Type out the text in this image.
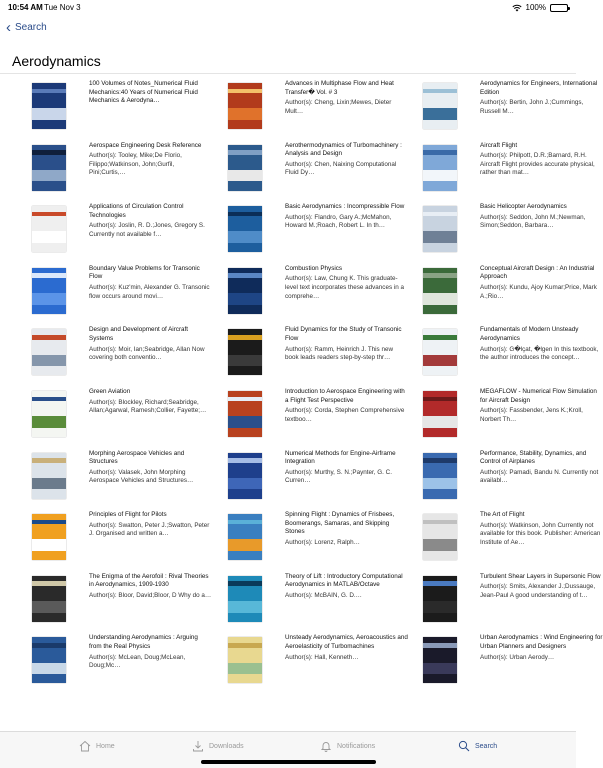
10:54 AM Tue Nov 3	100%
‹ Search
Aerodynamics
100 Volumes of Notes_Numerical Fluid Mechanics:40 Years of Numerical Fluid Mechanics & Aerodyna…
Advances in Multiphase Flow and Heat Transfer� Vol. # 3
Author(s): Cheng, Lixin;Mewes, Dieter Mult…
Aerodynamics for Engineers, International Edition
Author(s): Bertin, John J.;Cummings, Russell M…
Aerospace Engineering Desk Reference
Author(s): Tooley, Mike;De Florio, Filippo;Watkinson, John;Gurfil, Pini;Curtis,…
Aerothermodynamics of Turbomachinery : Analysis and Design
Author(s): Chen, Naixing Computational Fluid Dy…
Aircraft Flight
Author(s): Philpott, D.R.;Barnard, R.H. Aircraft Flight provides accurate physical, rather than mat…
Applications of Circulation Control Technologies
Author(s): Joslin, R. D.;Jones, Gregory S. Currently not available f…
Basic Aerodynamics : Incompressible Flow
Author(s): Flandro, Gary A.;McMahon, Howard M.;Roach, Robert L. In th…
Basic Helicopter Aerodynamics
Author(s): Seddon, John M.;Newman, Simon;Seddon, Barbara…
Boundary Value Problems for Transonic Flow
Author(s): Kuz'min, Alexander G. Transonic flow occurs around movi…
Combustion Physics
Author(s): Law, Chung K. This graduate-level text incorporates these advances in a comprehe…
Conceptual Aircraft Design : An Industrial Approach
Author(s): Kundu, Ajoy Kumar;Price, Mark A.;Rio…
Design and Development of Aircraft Systems
Author(s): Moir, Ian;Seabridge, Allan Now covering both conventio…
Fluid Dynamics for the Study of Transonic Flow
Author(s): Ramm, Heinrich J. This new book leads readers step-by-step thr…
Fundamentals of Modern Unsteady Aerodynamics
Author(s): G�lçat, �lgen In this textbook, the author introduces the concept…
Green Aviation
Author(s): Blockley, Richard;Seabridge, Allan;Agarwal, Ramesh;Collier, Fayette;…
Introduction to Aerospace Engineering with a Flight Test Perspective
Author(s): Corda, Stephen Comprehensive textboo…
MEGAFLOW - Numerical Flow Simulation for Aircraft Design
Author(s): Fassbender, Jens K.;Kroll, Norbert Th…
Morphing Aerospace Vehicles and Structures
Author(s): Valasek, John Morphing Aerospace Vehicles and Structures…
Numerical Methods for Engine-Airframe Integration
Author(s): Murthy, S. N.;Paynter, G. C. Curren…
Performance, Stability, Dynamics, and Control of Airplanes
Author(s): Pamadi, Bandu N. Currently not availabl…
Principles of Flight for Pilots
Author(s): Swatton, Peter J.;Swatton, Peter J. Organised and written a…
Spinning Flight : Dynamics of Frisbees, Boomerangs, Samaras, and Skipping Stones
Author(s): Lorenz, Ralph…
The Art of Flight
Author(s): Watkinson, John Currently not available for this book. Publisher: American Institute of Ae…
The Enigma of the Aerofoil : Rival Theories in Aerodynamics, 1909-1930
Author(s): Bloor, David;Bloor, D Why do a…
Theory of Lift : Introductory Computational Aerodynamics in MATLAB/Octave
Author(s): McBAIN, G. D.…
Turbulent Shear Layers in Supersonic Flow
Author(s): Smits, Alexander J.;Dussauge, Jean-Paul A good understanding of t…
Understanding Aerodynamics : Arguing from the Real Physics
Author(s): McLean, Doug;McLean, Doug;Mc…
Unsteady Aerodynamics, Aeroacoustics and Aeroelasticity of Turbomachines
Author(s): Hall, Kenneth…
Urban Aerodynamics : Wind Engineering for Urban Planners and Designers
Author(s): Urban Aerody…
Home	Downloads	Notifications	Search
